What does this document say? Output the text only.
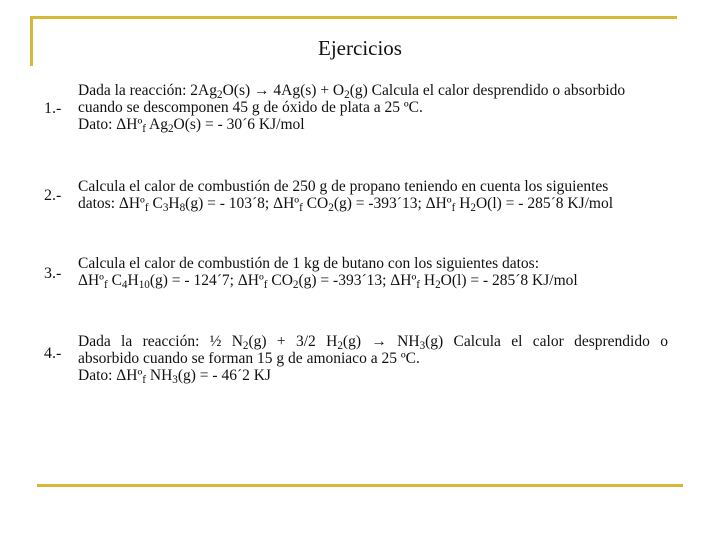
Ejercicios
1.-
Dada la reacción: $2Ag_2O(s) \to 4Ag(s) + O_2(g)$ Calcula el calor desprendido o absorbido
cuando se descomponen 45 g de óxido de plata a 25 ºC.
Dato: ΔHº$_f$ $Ag_2O(s)$ = - 30´6 KJ/mol
2.-
Calcula el calor de combustión de 250 g de propano teniendo en cuenta los siguientes
datos: ΔHº$_f$ $C_3H_8(g)$ = - 103´8; ΔHº$_f$ $CO_2(g)$ = -393´13; ΔHº$_f$ $H_2O(l)$ = - 285´8 KJ/mol
3.-
Calcula el calor de combustión de 1 kg de butano con los siguientes datos:
ΔHº$_f$ $C_4H_{10}(g)$ = - 124´7; ΔHº$_f$ $CO_2(g)$ = -393´13; ΔHº$_f$ $H_2O(l)$ = - 285´8 KJ/mol
4.-
Dada la reacción: ½ $N_2(g) + 3/2$ $H_2(g) \to NH_3(g)$ Calcula el calor desprendido o
absorbido cuando se forman 15 g de amoniaco a 25 ºC.
Dato: ΔHº$_f$ $NH_3(g)$ = - 46´2 KJ
